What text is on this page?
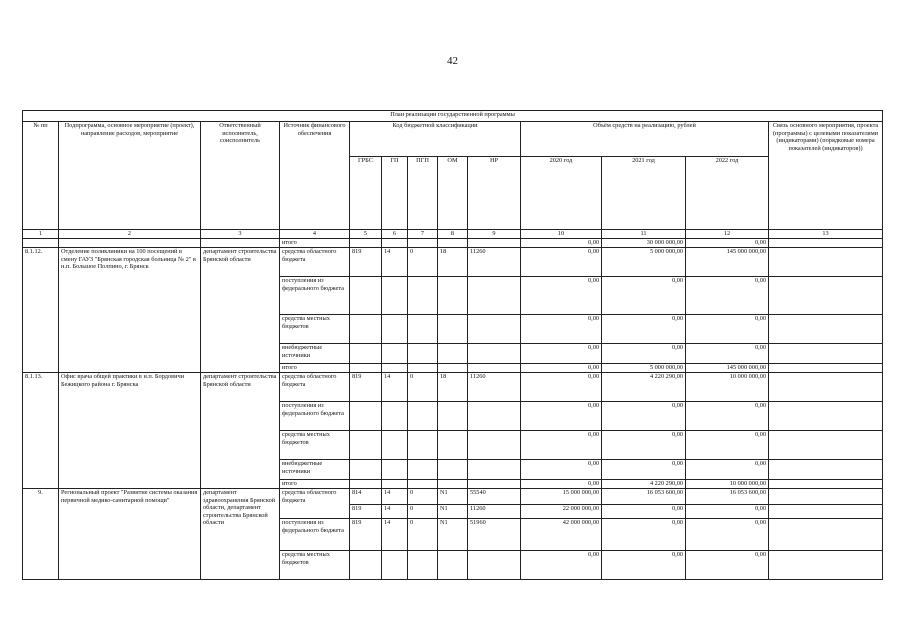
42
План реализации государственной программы												
№ пп	Подпрограмма, основное мероприятие (проект), направление расходов, мероприятие	Ответственный исполнитель, соисполнитель	Источник финансового обеспечения	Код бюджетной классификации					Объём средств на реализацию, рублей			Связь основного мероприятия, проекта (программы) с целевыми показателями (индикаторами) (порядковые номера показателей (индикаторов))
				ГРБС	ГП	ПГП	ОМ	НР	2020 год	2021 год	2022 год	
1	2	3	4	5	6	7	8	9	10	11	12	13
			итого						0,00	30 000 000,00	0,00	
8.1.12.	Отделение поликлиники на 100 посещений в смену ГАУЗ "Брянская городская больница № 2" в н.п. Большое Полпино, г. Брянск	департамент строительства Брянской области	средства областного бюджета	819	14	0	18	11260	0,00	5 000 000,00	145 000 000,00	
			поступления из федерального бюджета						0,00	0,00	0,00	
			средства местных бюджетов						0,00	0,00	0,00	
			внебюджетные источники						0,00	0,00	0,00	
			итого						0,00	5 000 000,00	145 000 000,00	
8.1.13.	Офис врача общей практики в н.п. Бордовичи Бежицкого района г. Брянска	департамент строительства Брянской области	средства областного бюджета	819	14	0	18	11260	0,00	4 220 290,00	10 000 000,00	
			поступления из федерального бюджета						0,00	0,00	0,00	
			средства местных бюджетов						0,00	0,00	0,00	
			внебюджетные источники						0,00	0,00	0,00	
			итого						0,00	4 220 290,00	10 000 000,00	
9.	Региональный проект "Развитие системы оказания первичной медико-санитарной помощи"	департамент здравоохранения Брянской области, департамент строительства Брянской области	средства областного бюджета	814	14	0	N1	55540	15 000 000,00	16 053 600,00	16 053 600,00	
				819	14	0	N1	11260	22 000 000,00	0,00	0,00	
			поступления из федерального бюджета	819	14	0	N1	51960	42 000 000,00	0,00	0,00	
			средства местных бюджетов						0,00	0,00	0,00	
